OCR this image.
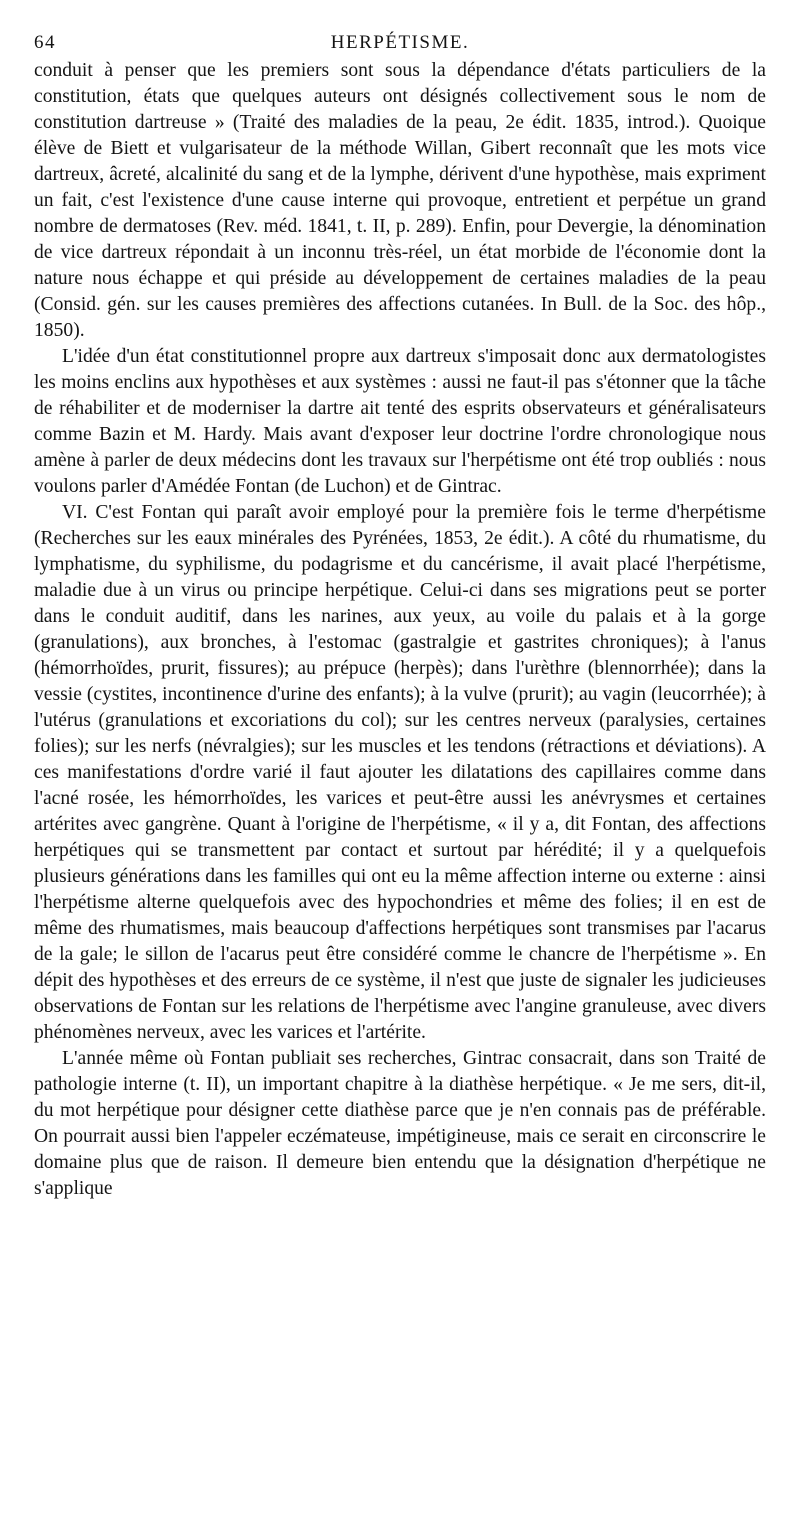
64	HERPÉTISME.

conduit à penser que les premiers sont sous la dépendance d'états particuliers de la constitution, états que quelques auteurs ont désignés collectivement sous le nom de constitution dartreuse » (Traité des maladies de la peau, 2e édit. 1835, introd.). Quoique élève de Biett et vulgarisateur de la méthode Willan, Gibert reconnaît que les mots vice dartreux, âcreté, alcalinité du sang et de la lymphe, dérivent d'une hypothèse, mais expriment un fait, c'est l'existence d'une cause interne qui provoque, entretient et perpétue un grand nombre de dermatoses (Rev. méd. 1841, t. II, p. 289). Enfin, pour Devergie, la dénomination de vice dartreux répondait à un inconnu très-réel, un état morbide de l'économie dont la nature nous échappe et qui préside au développement de certaines maladies de la peau (Consid. gén. sur les causes premières des affections cutanées. In Bull. de la Soc. des hôp., 1850).

L'idée d'un état constitutionnel propre aux dartreux s'imposait donc aux dermatologistes les moins enclins aux hypothèses et aux systèmes : aussi ne faut-il pas s'étonner que la tâche de réhabiliter et de moderniser la dartre ait tenté des esprits observateurs et généralisateurs comme Bazin et M. Hardy. Mais avant d'exposer leur doctrine l'ordre chronologique nous amène à parler de deux médecins dont les travaux sur l'herpétisme ont été trop oubliés : nous voulons parler d'Amédée Fontan (de Luchon) et de Gintrac.

VI. C'est Fontan qui paraît avoir employé pour la première fois le terme d'herpétisme (Recherches sur les eaux minérales des Pyrénées, 1853, 2e édit.). A côté du rhumatisme, du lymphatisme, du syphilisme, du podagrisme et du cancérisme, il avait placé l'herpétisme, maladie due à un virus ou principe herpétique. Celui-ci dans ses migrations peut se porter dans le conduit auditif, dans les narines, aux yeux, au voile du palais et à la gorge (granulations), aux bronches, à l'estomac (gastralgie et gastrites chroniques); à l'anus (hémorrhoïdes, prurit, fissures); au prépuce (herpès); dans l'urèthre (blennorrhée); dans la vessie (cystites, incontinence d'urine des enfants); à la vulve (prurit); au vagin (leucorrhée); à l'utérus (granulations et excoriations du col); sur les centres nerveux (paralysies, certaines folies); sur les nerfs (névralgies); sur les muscles et les tendons (rétractions et déviations). A ces manifestations d'ordre varié il faut ajouter les dilatations des capillaires comme dans l'acné rosée, les hémorrhoïdes, les varices et peut-être aussi les anévrysmes et certaines artérites avec gangrène. Quant à l'origine de l'herpétisme, « il y a, dit Fontan, des affections herpétiques qui se transmettent par contact et surtout par hérédité; il y a quelquefois plusieurs générations dans les familles qui ont eu la même affection interne ou externe : ainsi l'herpétisme alterne quelquefois avec des hypochondries et même des folies; il en est de même des rhumatismes, mais beaucoup d'affections herpétiques sont transmises par l'acarus de la gale; le sillon de l'acarus peut être considéré comme le chancre de l'herpétisme ». En dépit des hypothèses et des erreurs de ce système, il n'est que juste de signaler les judicieuses observations de Fontan sur les relations de l'herpétisme avec l'angine granuleuse, avec divers phénomènes nerveux, avec les varices et l'artérite.

L'année même où Fontan publiait ses recherches, Gintrac consacrait, dans son Traité de pathologie interne (t. II), un important chapitre à la diathèse herpétique. « Je me sers, dit-il, du mot herpétique pour désigner cette diathèse parce que je n'en connais pas de préférable. On pourrait aussi bien l'appeler eczémateuse, impétigineuse, mais ce serait en circonscrire le domaine plus que de raison. Il demeure bien entendu que la désignation d'herpétique ne s'applique
